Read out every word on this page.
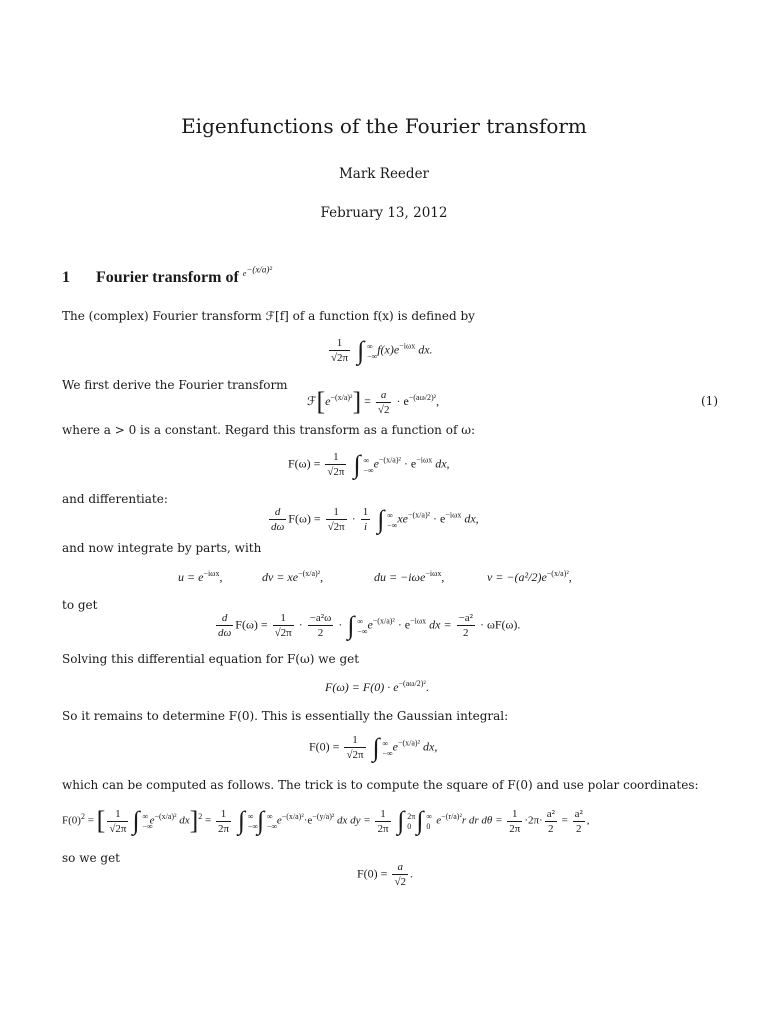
Eigenfunctions of the Fourier transform
Mark Reeder
February 13, 2012
1 Fourier transform of $^{e^{-(x/a)^2}}$
The (complex) Fourier transform ℱ[f] of a function f(x) is defined by
$\frac{1}{√2\pi}$ ∫ ∞
−∞ $f(x)e^{-i\omega x}$ dx.
We first derive the Fourier transform
$ℱ[e^{-(x/a)^2}] = \frac{a}{√2} \cdot e^{-(a\omega/2)^2}$,	(1)
where a > 0 is a constant. Regard this transform as a function of ω:
$F(\omega) = \frac{1}{√2\pi}$ ∫ ∞
−∞ $e^{-(x/a)^2} \cdot e^{-i\omega x}$ dx,
and differentiate:
$\frac{d}{d\omega} F(\omega) = \frac{1}{√2\pi} \cdot \frac{1}{i}$ ∫ ∞
−∞ $xe^{-(x/a)^2} \cdot e^{-i\omega x}$ dx,
and now integrate by parts, with
$u = e^{-i\omega x}$,	dv = $xe^{-(x/a)^2}$,	du = −iωe$^{-i\omega x}$,	$v = -(a^2/2)e^{-(x/a)^2}$,
to get
$\frac{d}{d\omega} F(\omega) = \frac{1}{√2\pi} \cdot \frac{\text{−a²ω}}{2}$ · ∫ ∞
−∞ $e^{-(x/a)^2} \cdot e^{-i\omega x}$ dx = $\frac{\text{−a²}}{2} \cdot \omega F(\omega)$.
Solving this differential equation for F(ω) we get
$F(\omega) = F(0) \cdot e^{-(a\omega/2)^2}$.
So it remains to determine F(0). This is essentially the Gaussian integral:
$F(0) = \frac{1}{√2\pi}$ ∫ ∞
−∞ $e^{-(x/a)^2}$ dx,
which can be computed as follows. The trick is to compute the square of F(0) and use polar coordinates:
$F(0)^2$ = [ $\frac{1}{√2\pi}$ ∫ ∞
−∞
$e^{-(x/a)^2}$ $dx]^2 = \frac{1}{2\pi}$ ∫ ∞
−∞
∫ ∞
−∞ $e^{-(x/a)^2}\cdot e^{-(y/a)^2}$ dx dy = $\frac{1}{2\pi}$ ∫ 2π
0 ∫ ∞
0 $e^{-(r/a)^2}r$ dr $d\theta = \frac{1}{2\pi} \cdot 2\pi\cdot \frac{\text{a²}}{2} = \frac{\text{a²}}{2}$ ,
so we get
$F(0) = \frac{a}{√2}$ .
